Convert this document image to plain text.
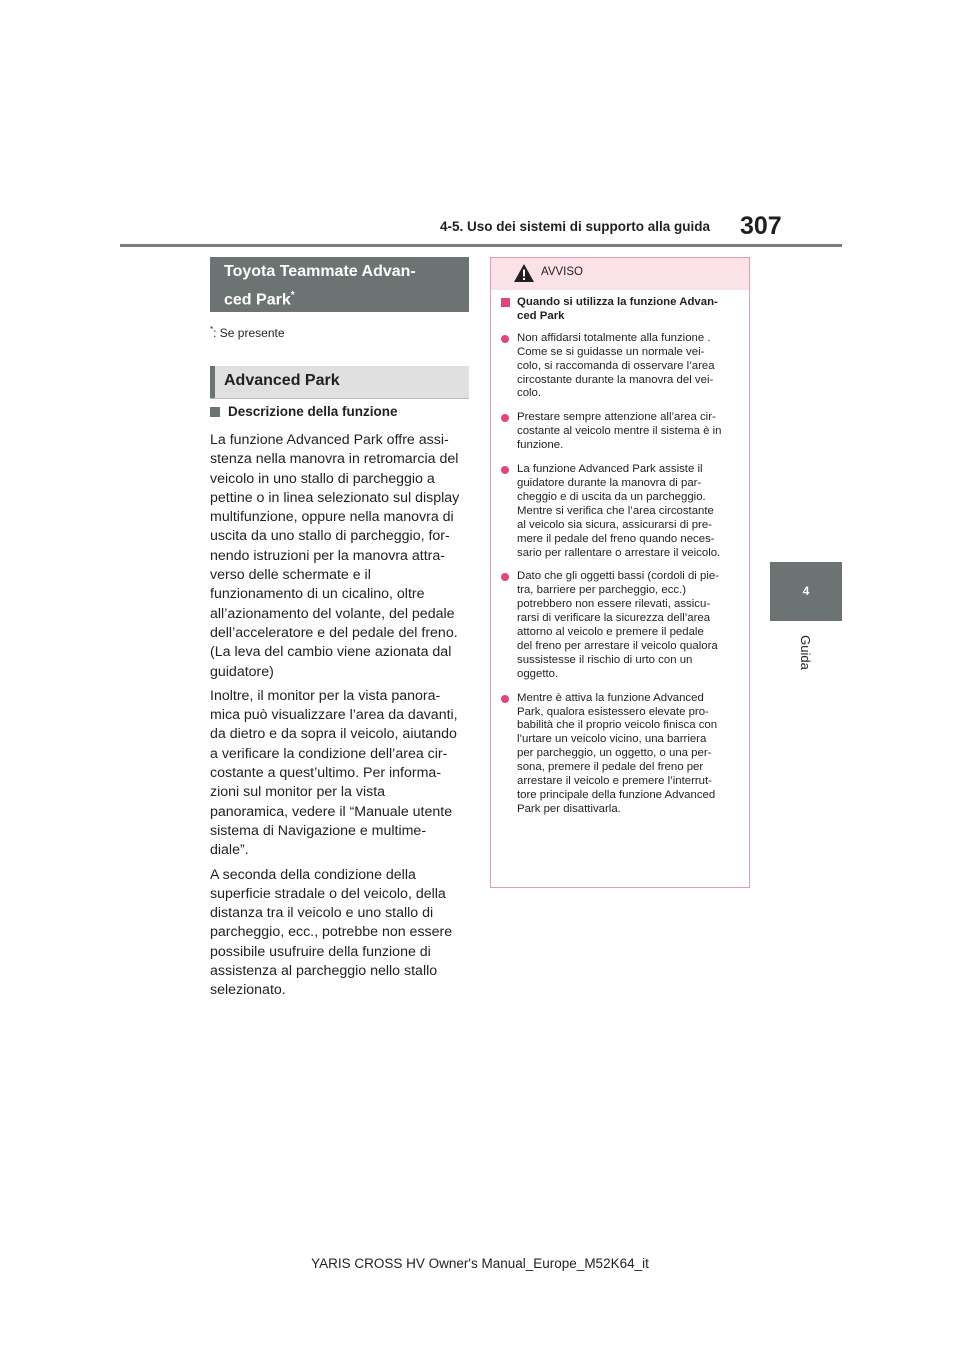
4-5. Uso dei sistemi di supporto alla guida 307
4
Guida
Toyota Teammate Advan-
ced Park*
*: Se presente
Advanced Park
Descrizione della funzione

La funzione Advanced Park offre assi-
stenza nella manovra in retromarcia del
veicolo in uno stallo di parcheggio a
pettine o in linea selezionato sul display
multifunzione, oppure nella manovra di
uscita da uno stallo di parcheggio, for-
nendo istruzioni per la manovra attra-
verso delle schermate e il
funzionamento di un cicalino, oltre
all’azionamento del volante, del pedale
dell’acceleratore e del pedale del freno.
(La leva del cambio viene azionata dal
guidatore)

Inoltre, il monitor per la vista panora-
mica può visualizzare l’area da davanti,
da dietro e da sopra il veicolo, aiutando
a verificare la condizione dell’area cir-
costante a quest’ultimo. Per informa-
zioni sul monitor per la vista
panoramica, vedere il “Manuale utente
sistema di Navigazione e multime-
diale”.

A seconda della condizione della
superficie stradale o del veicolo, della
distanza tra il veicolo e uno stallo di
parcheggio, ecc., potrebbe non essere
possibile usufruire della funzione di
assistenza al parcheggio nello stallo
selezionato.

AVVISO
Quando si utilizza la funzione Advan-
ced Park
Non affidarsi totalmente alla funzione .
Come se si guidasse un normale vei-
colo, si raccomanda di osservare l’area
circostante durante la manovra del vei-
colo.
Prestare sempre attenzione all’area cir-
costante al veicolo mentre il sistema è in
funzione.
La funzione Advanced Park assiste il
guidatore durante la manovra di par-
cheggio e di uscita da un parcheggio.
Mentre si verifica che l’area circostante
al veicolo sia sicura, assicurarsi di pre-
mere il pedale del freno quando neces-
sario per rallentare o arrestare il veicolo.
Dato che gli oggetti bassi (cordoli di pie-
tra, barriere per parcheggio, ecc.)
potrebbero non essere rilevati, assicu-
rarsi di verificare la sicurezza dell’area
attorno al veicolo e premere il pedale
del freno per arrestare il veicolo qualora
sussistesse il rischio di urto con un
oggetto.
Mentre è attiva la funzione Advanced
Park, qualora esistessero elevate pro-
babilità che il proprio veicolo finisca con
l’urtare un veicolo vicino, una barriera
per parcheggio, un oggetto, o una per-
sona, premere il pedale del freno per
arrestare il veicolo e premere l’interrut-
tore principale della funzione Advanced
Park per disattivarla.
YARIS CROSS HV Owner's Manual_Europe_M52K64_it
